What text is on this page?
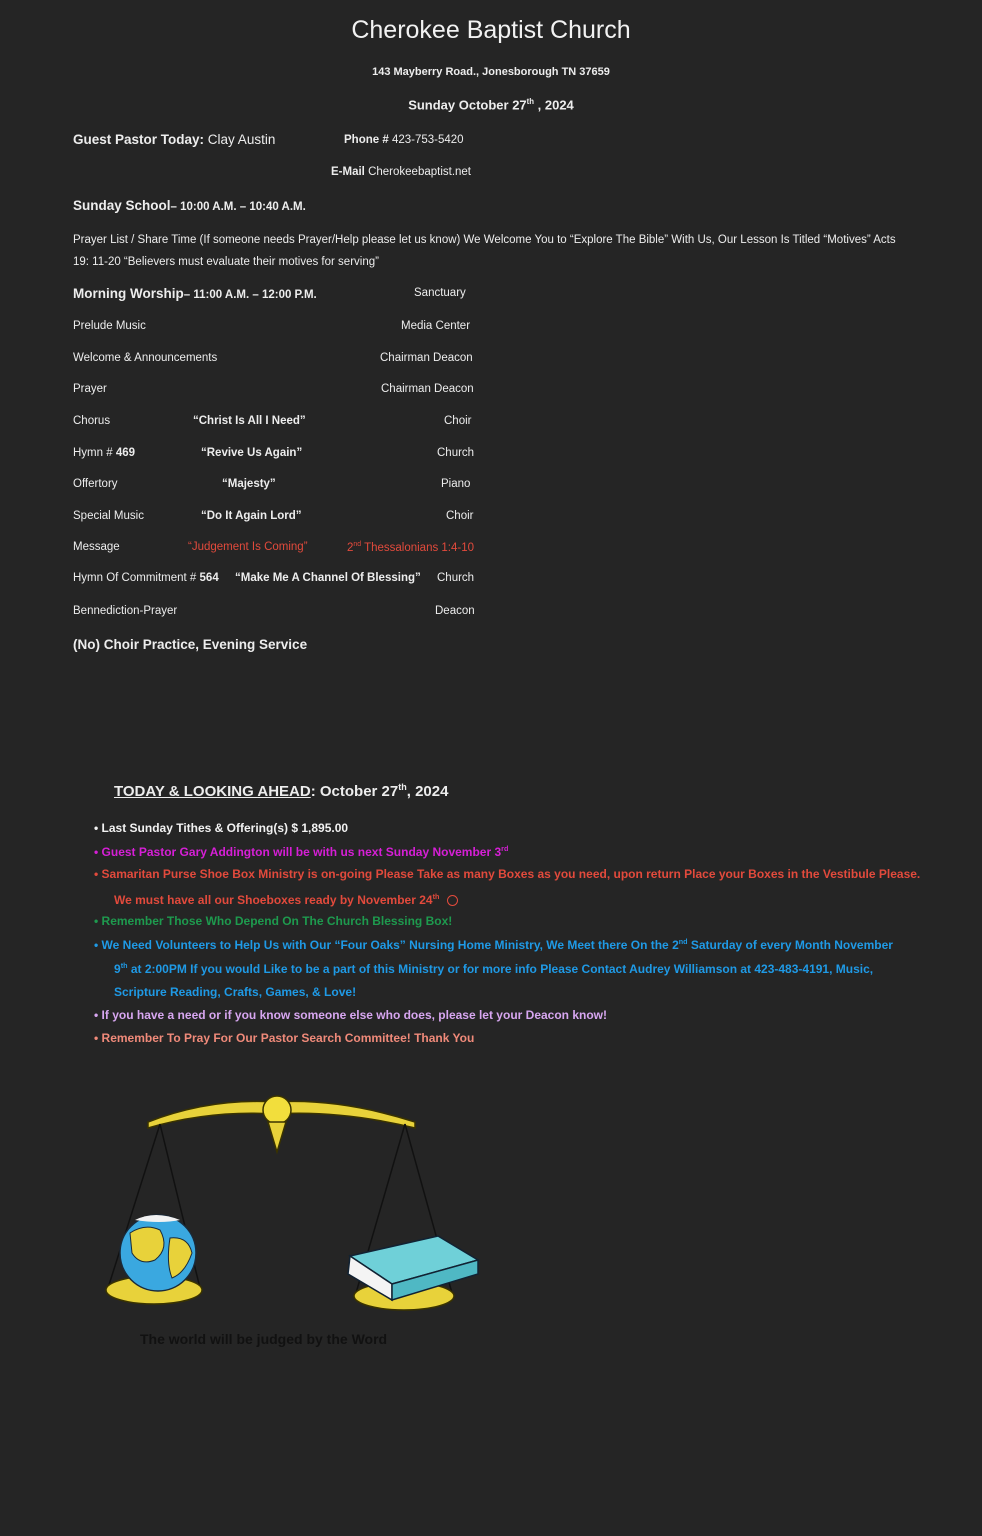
Cherokee Baptist Church
143 Mayberry Road., Jonesborough TN 37659
Sunday October 27th , 2024
Guest Pastor Today: Clay Austin	Phone # 423-753-5420
E-Mail Cherokeebaptist.net
Sunday School– 10:00 A.M. – 10:40 A.M.
Prayer List / Share Time (If someone needs Prayer/Help please let us know) We Welcome You to “Explore The Bible” With Us, Our Lesson Is Titled “Motives” Acts 19: 11-20 “Believers must evaluate their motives for serving”
Morning Worship– 11:00 A.M. – 12:00 P.M.	Sanctuary
Prelude Music	Media Center
Welcome & Announcements	Chairman Deacon
Prayer	Chairman Deacon
Chorus	“Christ Is All I Need”	Choir
Hymn # 469	“Revive Us Again”	Church
Offertory	“Majesty”	Piano
Special Music	“Do It Again Lord”	Choir
Message	“Judgement Is Coming”	2nd Thessalonians 1:4-10
Hymn Of Commitment # 564 “Make Me A Channel Of Blessing” Church
Bennediction-Prayer	Deacon
(No) Choir Practice, Evening Service
TODAY & LOOKING AHEAD: October 27th, 2024
• Last Sunday Tithes & Offering(s) $ 1,895.00
• Guest Pastor Gary Addington will be with us next Sunday November 3rd
• Samaritan Purse Shoe Box Ministry is on-going Please Take as many Boxes as you need, upon return Place your Boxes in the Vestibule Please.
We must have all our Shoeboxes ready by November 24th
• Remember Those Who Depend On The Church Blessing Box!
• We Need Volunteers to Help Us with Our “Four Oaks” Nursing Home Ministry, We Meet there On the 2nd Saturday of every Month November
9th at 2:00PM If you would Like to be a part of this Ministry or for more info Please Contact Audrey Williamson at 423-483-4191, Music,
Scripture Reading, Crafts, Games, & Love!
• If you have a need or if you know someone else who does, please let your Deacon know!
• Remember To Pray For Our Pastor Search Committee! Thank You
The world will be judged by the Word
